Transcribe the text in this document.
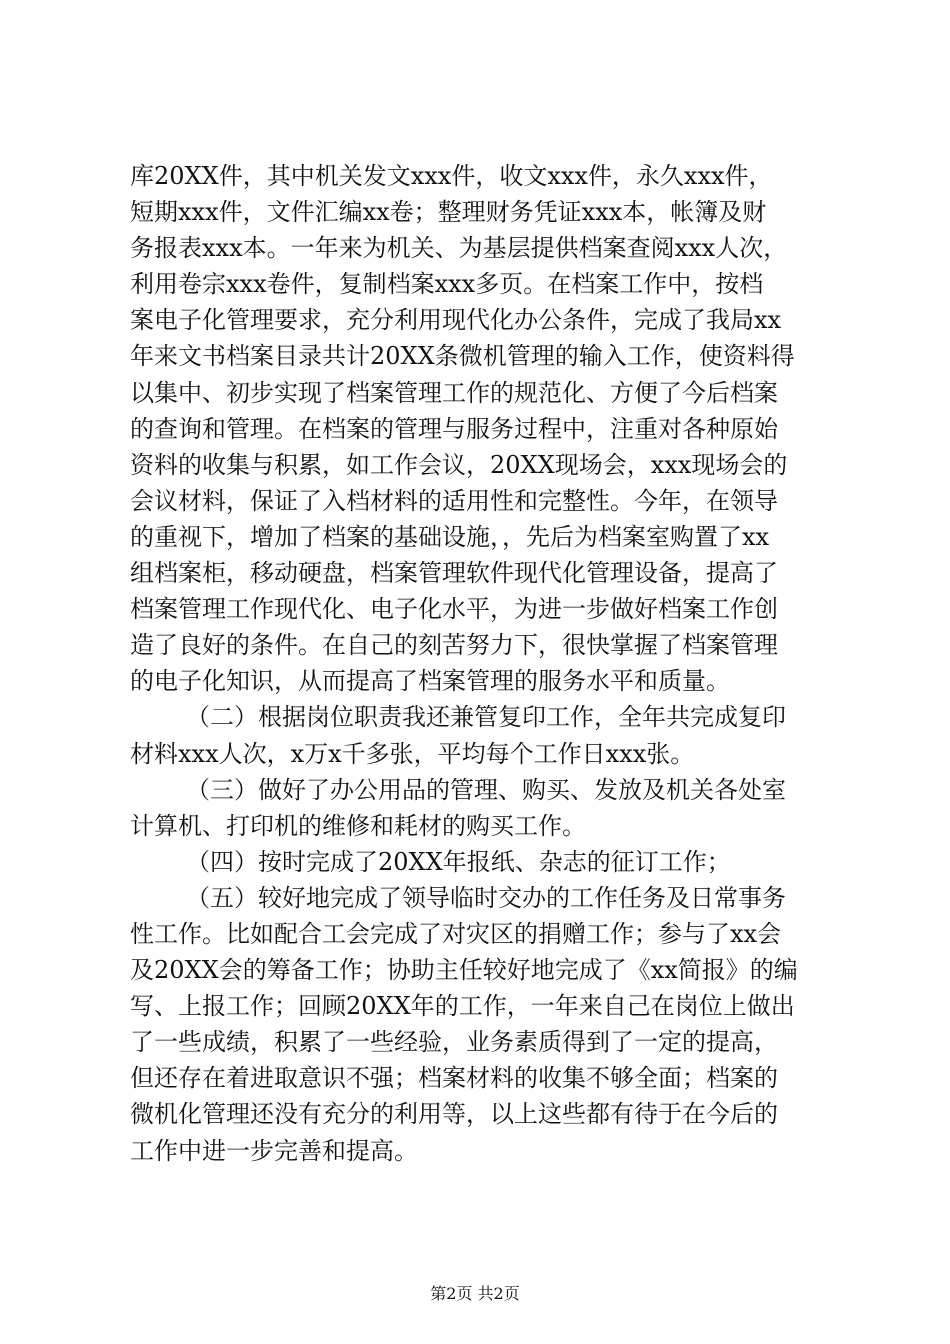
库20XX件，其中机关发文xxx件，收文xxx件，永久xxx件，
短期xxx件，文件汇编xx卷；整理财务凭证xxx本，帐簿及财
务报表xxx本。一年来为机关、为基层提供档案查阅xxx人次，
利用卷宗xxx卷件，复制档案xxx多页。在档案工作中，按档
案电子化管理要求，充分利用现代化办公条件，完成了我局xx
年来文书档案目录共计20XX条微机管理的输入工作，使资料得
以集中、初步实现了档案管理工作的规范化、方便了今后档案
的查询和管理。在档案的管理与服务过程中，注重对各种原始
资料的收集与积累，如工作会议，20XX现场会，xxx现场会的
会议材料，保证了入档材料的适用性和完整性。今年，在领导
的重视下，增加了档案的基础设施，，先后为档案室购置了xx
组档案柜，移动硬盘，档案管理软件现代化管理设备，提高了
档案管理工作现代化、电子化水平，为进一步做好档案工作创
造了良好的条件。在自己的刻苦努力下，很快掌握了档案管理
的电子化知识，从而提高了档案管理的服务水平和质量。
（二）根据岗位职责我还兼管复印工作，全年共完成复印
材料xxx人次，x万x千多张，平均每个工作日xxx张。
（三）做好了办公用品的管理、购买、发放及机关各处室
计算机、打印机的维修和耗材的购买工作。
（四）按时完成了20XX年报纸、杂志的征订工作；
（五）较好地完成了领导临时交办的工作任务及日常事务
性工作。比如配合工会完成了对灾区的捐赠工作；参与了xx会
及20XX会的筹备工作；协助主任较好地完成了《xx简报》的编
写、上报工作；回顾20XX年的工作，一年来自己在岗位上做出
了一些成绩，积累了一些经验，业务素质得到了一定的提高，
但还存在着进取意识不强；档案材料的收集不够全面；档案的
微机化管理还没有充分的利用等，以上这些都有待于在今后的
工作中进一步完善和提高。
第2页 共2页
